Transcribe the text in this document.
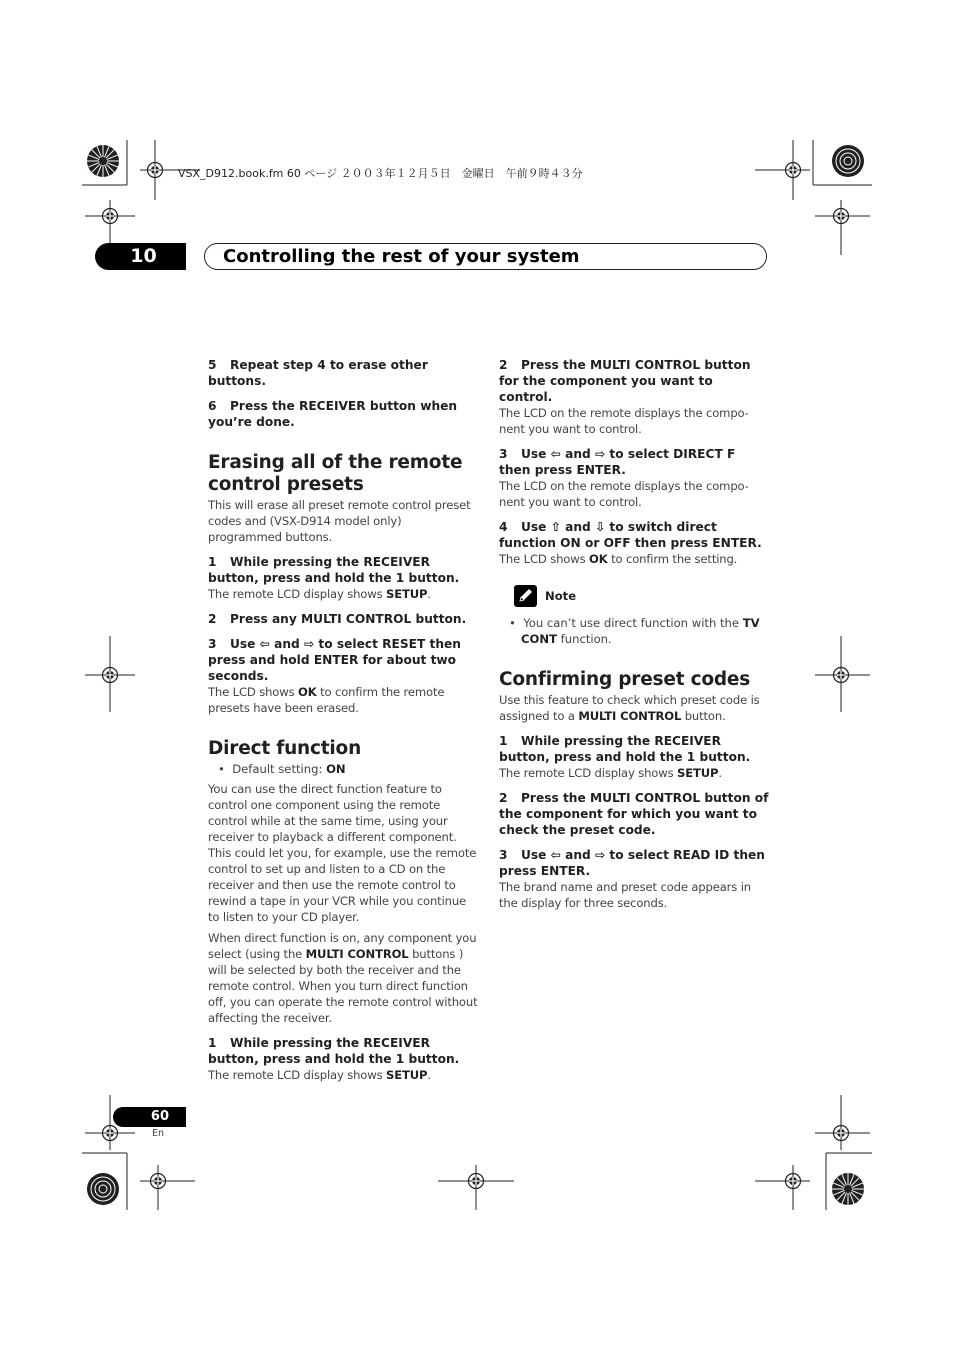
VSX_D912.book.fm 60 ページ ２００３年１２月５日　金曜日　午前９時４３分
10	Controlling the rest of your system

5 Repeat step 4 to erase other buttons.

6 Press the RECEIVER button when you’re done.

Erasing all of the remote control presets

This will erase all preset remote control preset codes and (VSX-D914 model only) programmed buttons.

1 While pressing the RECEIVER button, press and hold the 1 button.

The remote LCD display shows SETUP.

2 Press any MULTI CONTROL button.

3 Use ⇦ and ⇨ to select RESET then press and hold ENTER for about two seconds.

The LCD shows OK to confirm the remote presets have been erased.

Direct function

•  Default setting: ON

You can use the direct function feature to control one component using the remote control while at the same time, using your receiver to playback a different component. This could let you, for example, use the remote control to set up and listen to a CD on the receiver and then use the remote control to rewind a tape in your VCR while you continue to listen to your CD player.

When direct function is on, any component you select (using the MULTI CONTROL buttons ) will be selected by both the receiver and the remote control. When you turn direct function off, you can operate the remote control without affecting the receiver.

1 While pressing the RECEIVER button, press and hold the 1 button.

The remote LCD display shows SETUP.

2 Press the MULTI CONTROL button for the component you want to control.

The LCD on the remote displays the compo-nent you want to control.

3 Use ⇦ and ⇨ to select DIRECT F then press ENTER.

The LCD on the remote displays the compo-nent you want to control.

4 Use ⇧ and ⇩ to switch direct function ON or OFF then press ENTER.

The LCD shows OK to confirm the setting.

Note

•  You can’t use direct function with the TV CONT function.

Confirming preset codes

Use this feature to check which preset code is assigned to a MULTI CONTROL button.

1 While pressing the RECEIVER button, press and hold the 1 button.

The remote LCD display shows SETUP.

2 Press the MULTI CONTROL button of the component for which you want to check the preset code.

3 Use ⇦ and ⇨ to select READ ID then press ENTER.

The brand name and preset code appears in the display for three seconds.

60
En
